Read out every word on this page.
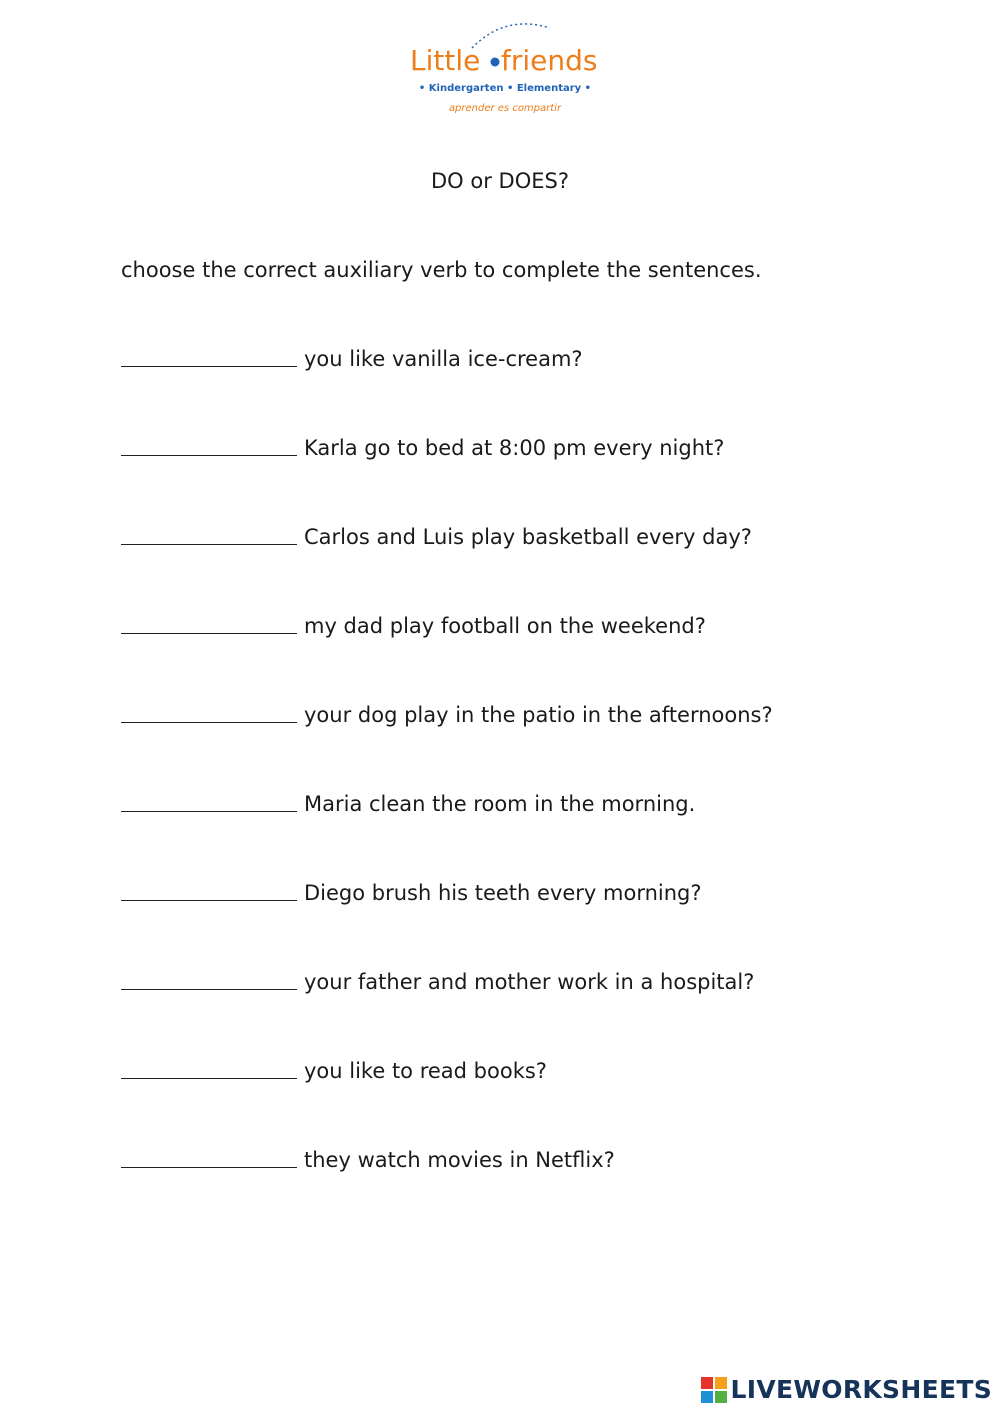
Little friends
• Kindergarten • Elementary •
aprender es compartir
DO or DOES?
choose the correct auxiliary verb to complete the sentences.
you like vanilla ice-cream?
Karla go to bed at 8:00 pm every night?
Carlos and Luis play basketball every day?
my dad play football on the weekend?
your dog play in the patio in the afternoons?
Maria clean the room in the morning.
Diego brush his teeth every morning?
your father and mother work in a hospital?
you like to read books?
they watch movies in Netflix?
LIVEWORKSHEETS
